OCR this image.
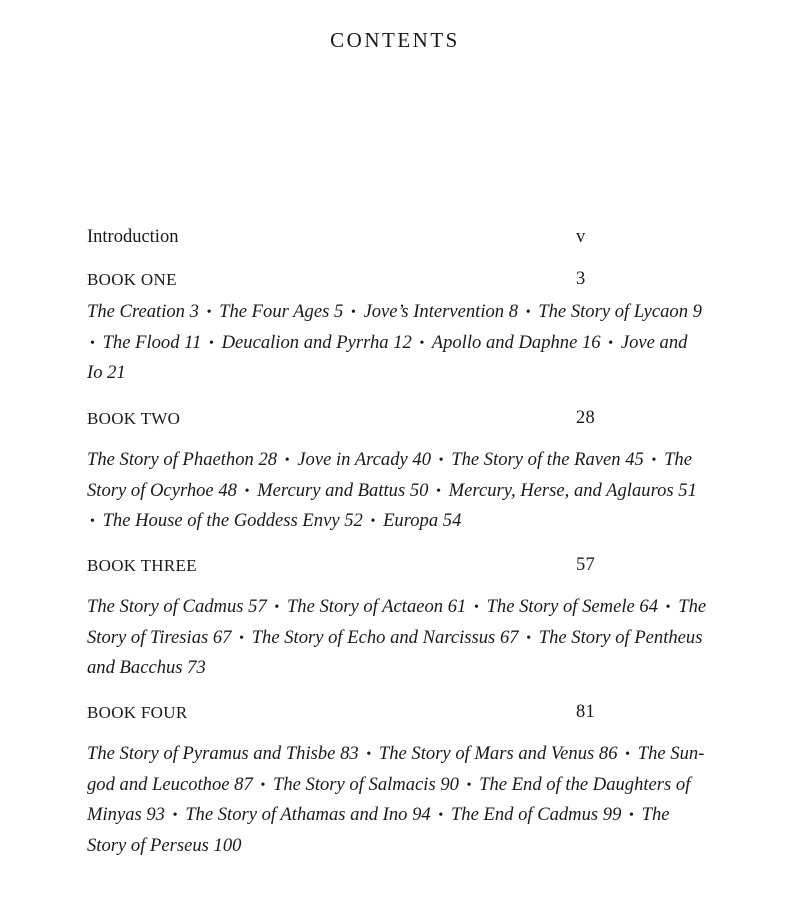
CONTENTS
Introduction	v
BOOK ONE	3
The Creation 3 • The Four Ages 5 • Jove’s Intervention 8 • The Story of Lycaon 9 • The Flood 11 • Deucalion and Pyrrha 12 • Apollo and Daphne 16 • Jove and Io 21
BOOK TWO	28
The Story of Phaethon 28 • Jove in Arcady 40 • The Story of the Raven 45 • The Story of Ocyrhoe 48 • Mercury and Battus 50 • Mercury, Herse, and Aglauros 51 • The House of the Goddess Envy 52 • Europa 54
BOOK THREE	57
The Story of Cadmus 57 • The Story of Actaeon 61 • The Story of Semele 64 • The Story of Tiresias 67 • The Story of Echo and Narcissus 67 • The Story of Pentheus and Bacchus 73
BOOK FOUR	81
The Story of Pyramus and Thisbe 83 • The Story of Mars and Venus 86 • The Sun-god and Leucothoe 87 • The Story of Salmacis 90 • The End of the Daughters of Minyas 93 • The Story of Athamas and Ino 94 • The End of Cadmus 99 • The Story of Perseus 100
